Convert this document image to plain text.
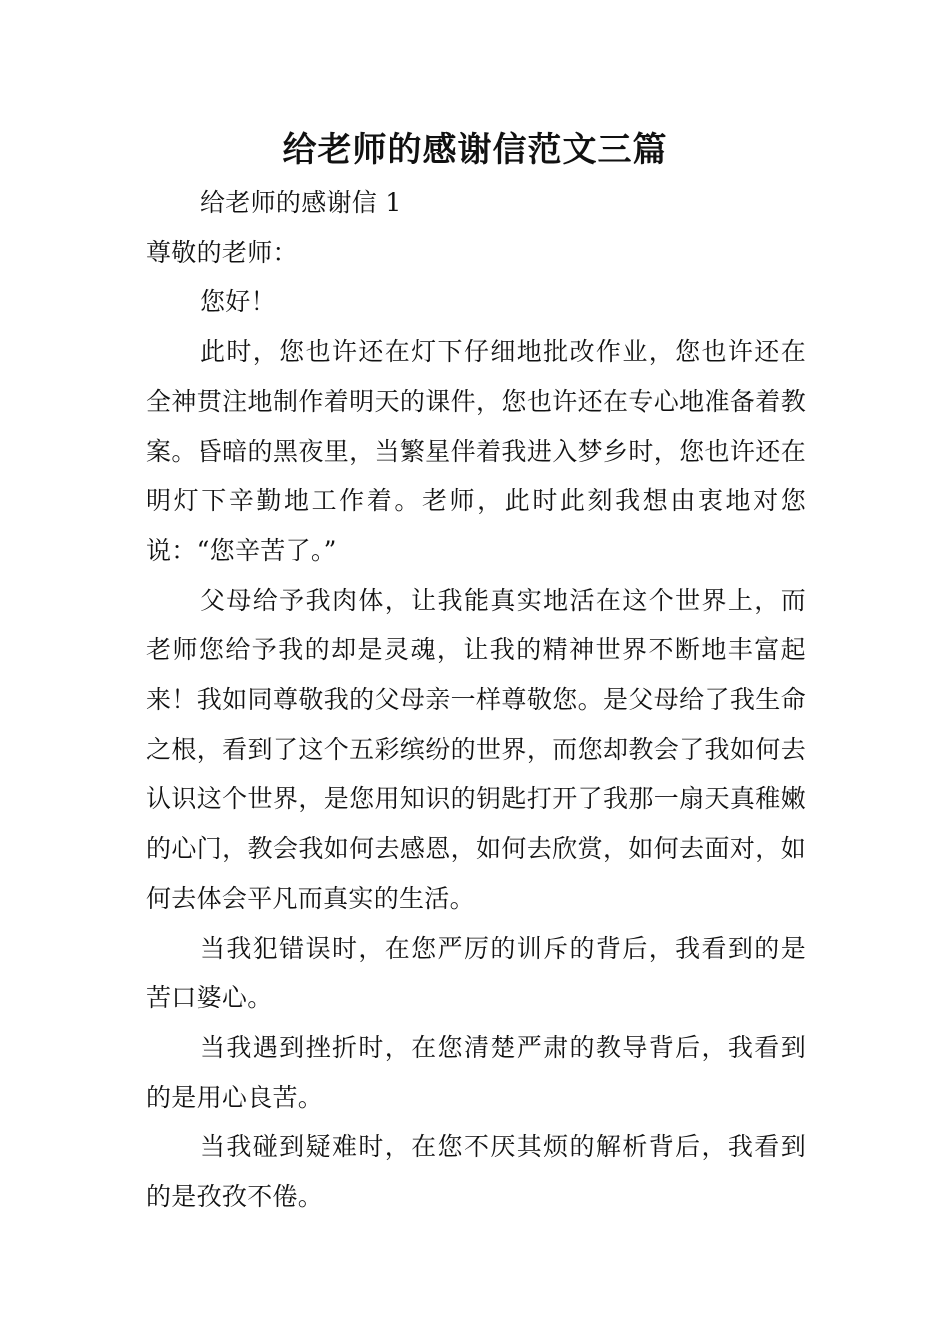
给老师的感谢信范文三篇

给老师的感谢信 1

尊敬的老师：

您好！

此时，您也许还在灯下仔细地批改作业，您也许还在全神贯注地制作着明天的课件，您也许还在专心地准备着教案。昏暗的黑夜里，当繁星伴着我进入梦乡时，您也许还在明灯下辛勤地工作着。老师，此时此刻我想由衷地对您说：“您辛苦了。”

父母给予我肉体，让我能真实地活在这个世界上，而老师您给予我的却是灵魂，让我的精神世界不断地丰富起来！我如同尊敬我的父母亲一样尊敬您。是父母给了我生命之根，看到了这个五彩缤纷的世界，而您却教会了我如何去认识这个世界，是您用知识的钥匙打开了我那一扇天真稚嫩的心门，教会我如何去感恩，如何去欣赏，如何去面对，如何去体会平凡而真实的生活。

当我犯错误时，在您严厉的训斥的背后，我看到的是苦口婆心。

当我遇到挫折时，在您清楚严肃的教导背后，我看到的是用心良苦。

当我碰到疑难时，在您不厌其烦的解析背后，我看到的是孜孜不倦。
